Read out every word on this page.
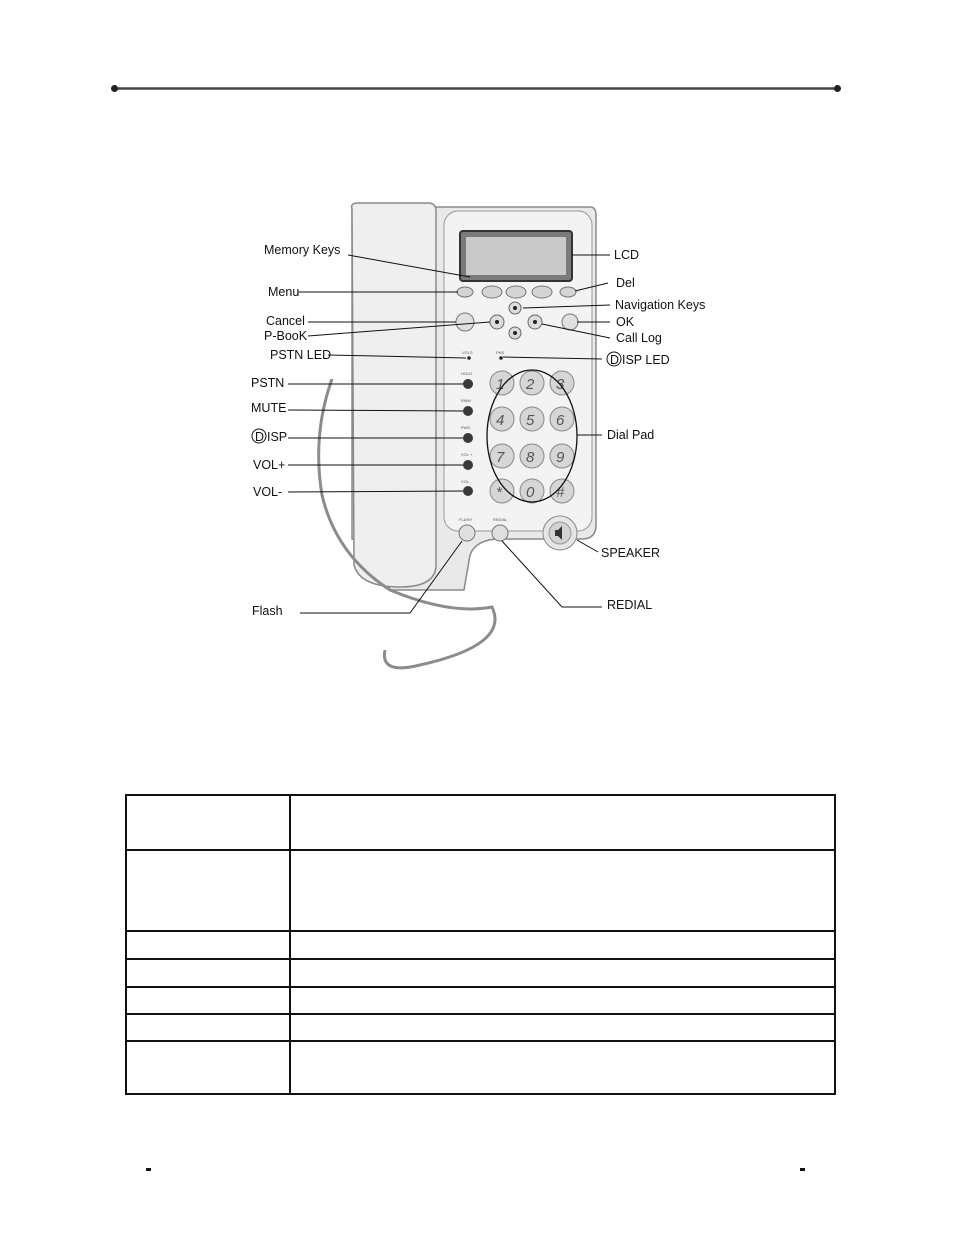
VOI.S	PNS
HOLD
RMW
PWD
VOL +
VOL -
1 2 3
4 5 6
7 8 9
* 0 #
FLASH	REDIAL
Memory Keys
Menu
Cancel
P-BooK
PSTN LED
PSTN
MUTE
D ISP
VOL+
VOL-
Flash
LCD
Del
Navigation Keys
OK
Call Log
D ISP LED
Dial Pad
SPEAKER
REDIAL
